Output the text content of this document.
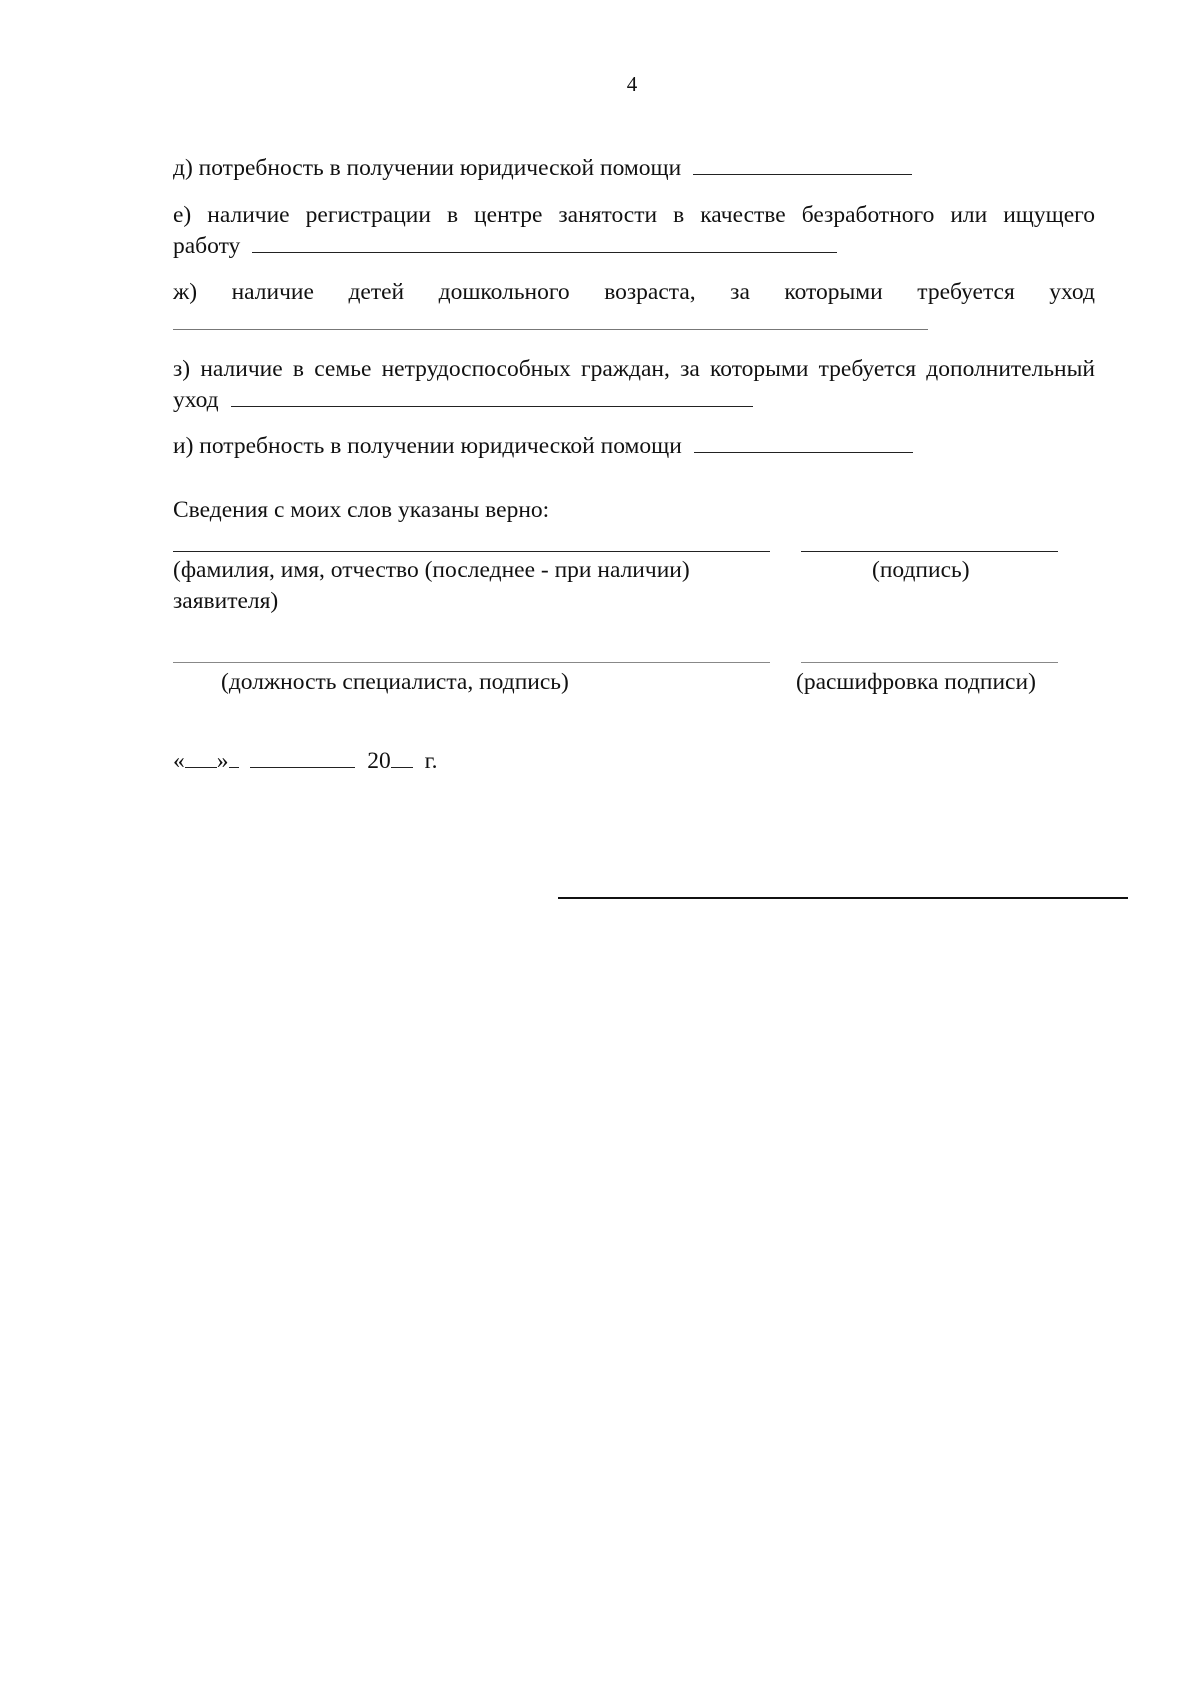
4
д) потребность в получении юридической помощи
е) наличие регистрации в центре занятости в качестве безработного или ищущего
работу
ж) наличие детей дошкольного возраста, за которыми требуется уход
з) наличие в семье нетрудоспособных граждан, за которыми требуется дополнительный
уход
и) потребность в получении юридической помощи
Сведения с моих слов указаны верно:
(фамилия, имя, отчество (последнее - при наличии)
заявителя)
(подпись)
(должность специалиста, подпись)	(расшифровка подписи)
« »	20 г.
